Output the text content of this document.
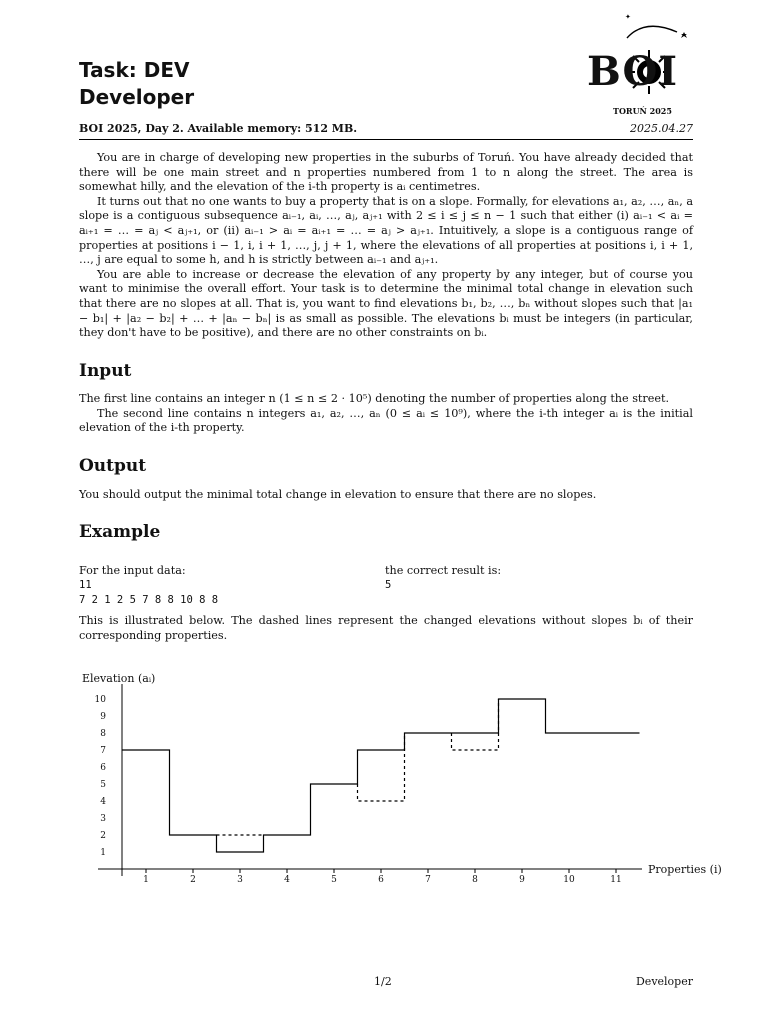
Task: DEV
Developer
✦
BOI
TORUŃ 2025
BOI 2025, Day 2. Available memory: 512 MB.	2025.04.27

You are in charge of developing new properties in the suburbs of Toruń. You have already decided that there will be one main street and n properties numbered from 1 to n along the street. The area is somewhat hilly, and the elevation of the i-th property is aᵢ centimetres.

It turns out that no one wants to buy a property that is on a slope. Formally, for elevations a₁, a₂, …, aₙ, a slope is a contiguous subsequence aᵢ₋₁, aᵢ, …, aⱼ, aⱼ₊₁ with 2 ≤ i ≤ j ≤ n − 1 such that either (i) aᵢ₋₁ < aᵢ = aᵢ₊₁ = … = aⱼ < aⱼ₊₁, or (ii) aᵢ₋₁ > aᵢ = aᵢ₊₁ = … = aⱼ > aⱼ₊₁. Intuitively, a slope is a contiguous range of properties at positions i − 1, i, i + 1, …, j, j + 1, where the elevations of all properties at positions i, i + 1, …, j are equal to some h, and h is strictly between aᵢ₋₁ and aⱼ₊₁.

You are able to increase or decrease the elevation of any property by any integer, but of course you want to minimise the overall effort. Your task is to determine the minimal total change in elevation such that there are no slopes at all. That is, you want to find elevations b₁, b₂, …, bₙ without slopes such that |a₁ − b₁| + |a₂ − b₂| + … + |aₙ − bₙ| is as small as possible. The elevations bᵢ must be integers (in particular, they don't have to be positive), and there are no other constraints on bᵢ.

Input

The first line contains an integer n (1 ≤ n ≤ 2 · 10⁵) denoting the number of properties along the street.

The second line contains n integers a₁, a₂, …, aₙ (0 ≤ aᵢ ≤ 10⁹), where the i-th integer aᵢ is the initial elevation of the i-th property.

Output

You should output the minimal total change in elevation to ensure that there are no slopes.

Example
For the input data:
11
7 2 1 2 5 7 8 8 10 8 8
the correct result is:
5
This is illustrated below. The dashed lines represent the changed elevations without slopes bᵢ of their corresponding properties.
Elevation (aᵢ)
Properties (i)
1
2
3
4
5
6
7
8
9
10
1	2	3	4	5	6	7	8	9	10	11
1/2	Developer
